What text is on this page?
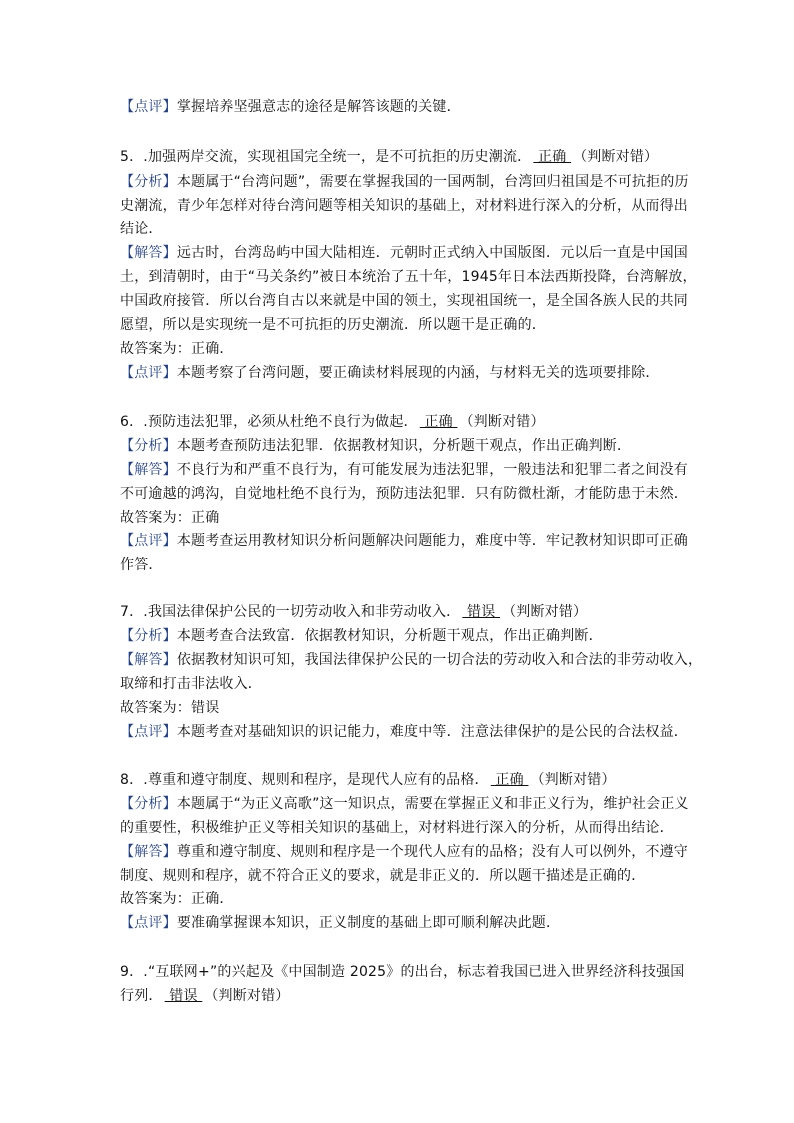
【点评】掌握培养坚强意志的途径是解答该题的关键．
5．.加强两岸交流，实现祖国完全统一，是不可抗拒的历史潮流． 正确 （判断对错）
【分析】本题属于“台湾问题”，需要在掌握我国的一国两制，台湾回归祖国是不可抗拒的历
史潮流，青少年怎样对待台湾问题等相关知识的基础上，对材料进行深入的分析，从而得出
结论．
【解答】远古时，台湾岛屿中国大陆相连．元朝时正式纳入中国版图．元以后一直是中国国
土，到清朝时，由于“马关条约”被日本统治了五十年，1945年日本法西斯投降，台湾解放，
中国政府接管．所以台湾自古以来就是中国的领土，实现祖国统一，是全国各族人民的共同
愿望，所以是实现统一是不可抗拒的历史潮流．所以题干是正确的．
故答案为：正确．
【点评】本题考察了台湾问题，要正确读材料展现的内涵，与材料无关的选项要排除．
6．.预防违法犯罪，必须从杜绝不良行为做起． 正确 （判断对错）
【分析】本题考查预防违法犯罪．依据教材知识，分析题干观点，作出正确判断．
【解答】不良行为和严重不良行为，有可能发展为违法犯罪，一般违法和犯罪二者之间没有
不可逾越的鸿沟，自觉地杜绝不良行为，预防违法犯罪．只有防微杜渐，才能防患于未然．
故答案为：正确
【点评】本题考查运用教材知识分析问题解决问题能力，难度中等．牢记教材知识即可正确
作答．
7．.我国法律保护公民的一切劳动收入和非劳动收入． 错误 （判断对错）
【分析】本题考查合法致富．依据教材知识，分析题干观点，作出正确判断．
【解答】依据教材知识可知，我国法律保护公民的一切合法的劳动收入和合法的非劳动收入，
取缔和打击非法收入．
故答案为：错误
【点评】本题考查对基础知识的识记能力，难度中等．注意法律保护的是公民的合法权益．
8．.尊重和遵守制度、规则和程序，是现代人应有的品格． 正确 （判断对错）
【分析】本题属于“为正义高歌”这一知识点，需要在掌握正义和非正义行为，维护社会正义
的重要性，积极维护正义等相关知识的基础上，对材料进行深入的分析，从而得出结论．
【解答】尊重和遵守制度、规则和程序是一个现代人应有的品格；没有人可以例外，不遵守
制度、规则和程序，就不符合正义的要求，就是非正义的．所以题干描述是正确的．
故答案为：正确．
【点评】要准确掌握课本知识，正义制度的基础上即可顺利解决此题．
9．.“互联网+”的兴起及《中国制造 2025》的出台，标志着我国已进入世界经济科技强国
行列． 错误 （判断对错）
